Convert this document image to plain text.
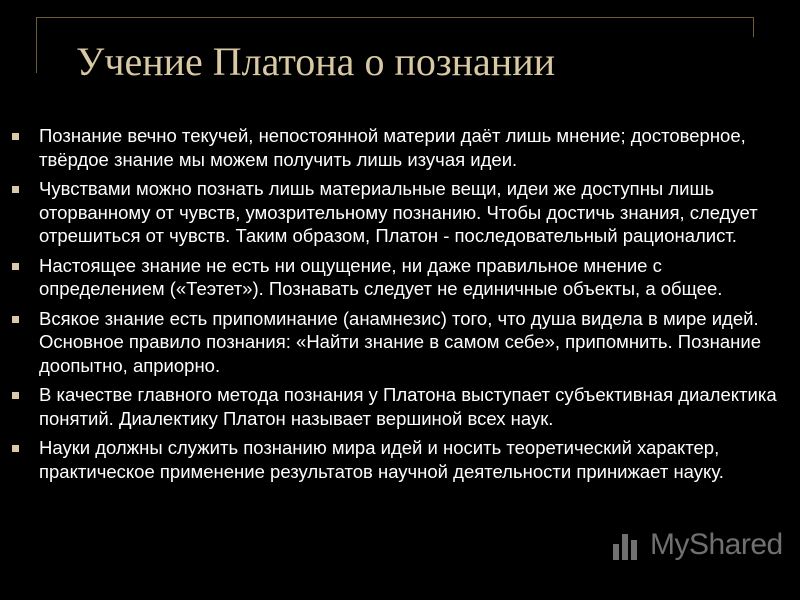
Учение Платона о познании
Познание вечно текучей, непостоянной материи даёт лишь мнение; достоверное, твёрдое знание мы можем получить лишь изучая идеи.
Чувствами можно познать лишь материальные вещи, идеи же доступны лишь оторванному от чувств, умозрительному познанию. Чтобы достичь знания, следует отрешиться от чувств. Таким образом, Платон - последовательный рационалист.
Настоящее знание не есть ни ощущение, ни даже правильное мнение с определением («Теэтет»). Познавать следует не единичные объекты, а общее.
Всякое знание есть припоминание (анамнезис) того, что душа видела в мире идей. Основное правило познания: «Найти знание в самом себе», припомнить. Познание доопытно, априорно.
В качестве главного метода познания у Платона выступает субъективная диалектика понятий. Диалектику Платон называет вершиной всех наук.
Науки должны служить познанию мира идей и носить теоретический характер, практическое применение результатов научной деятельности принижает науку.
MyShared
